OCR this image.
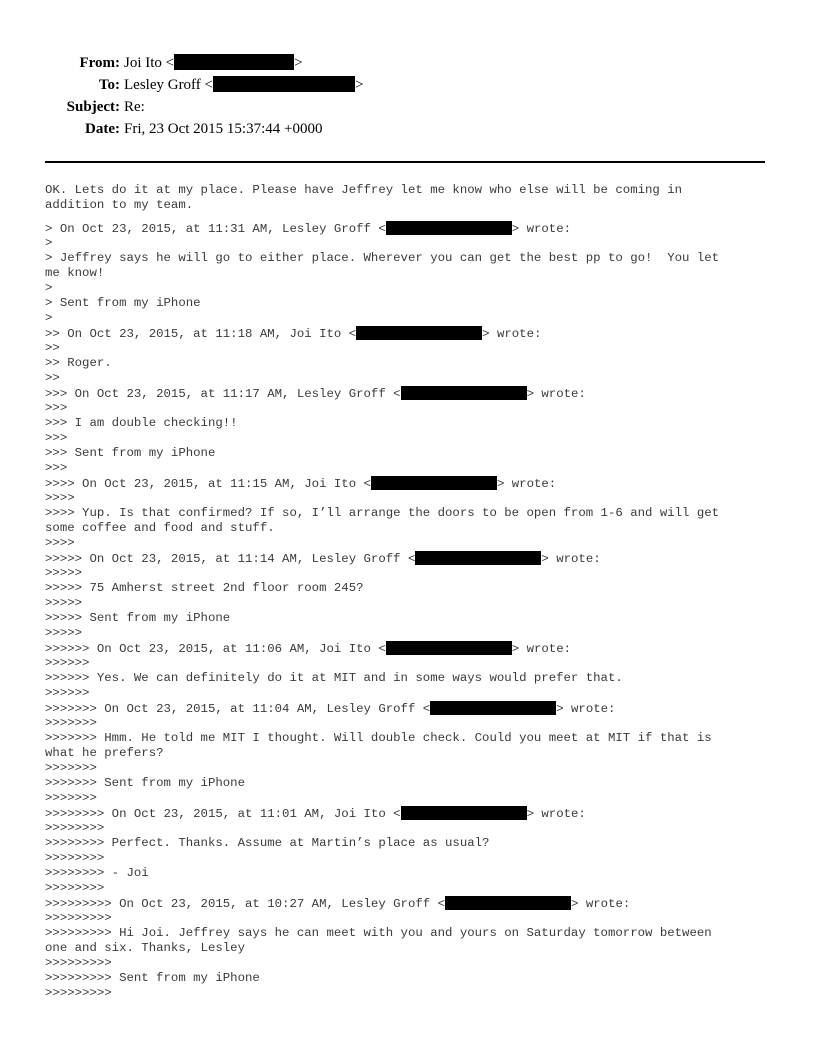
From: Joi Ito <	>
To: Lesley Groff <	>
Subject: Re:
Date: Fri, 23 Oct 2015 15:37:44 +0000
OK. Lets do it at my place. Please have Jeffrey let me know who else will be coming in
addition to my team.
> On Oct 23, 2015, at 11:31 AM, Lesley Groff <	> wrote:
>
> Jeffrey says he will go to either place. Wherever you can get the best pp to go!  You let
me know!
>
> Sent from my iPhone
>
>> On Oct 23, 2015, at 11:18 AM, Joi Ito <	> wrote:
>>
>> Roger.
>>
>>> On Oct 23, 2015, at 11:17 AM, Lesley Groff <	> wrote:
>>>
>>> I am double checking!!
>>>
>>> Sent from my iPhone
>>>
>>>> On Oct 23, 2015, at 11:15 AM, Joi Ito <	> wrote:
>>>>
>>>> Yup. Is that confirmed? If so, I’ll arrange the doors to be open from 1-6 and will get
some coffee and food and stuff.
>>>>
>>>>> On Oct 23, 2015, at 11:14 AM, Lesley Groff <	> wrote:
>>>>>
>>>>> 75 Amherst street 2nd floor room 245?
>>>>>
>>>>> Sent from my iPhone
>>>>>
>>>>>> On Oct 23, 2015, at 11:06 AM, Joi Ito <	> wrote:
>>>>>>
>>>>>> Yes. We can definitely do it at MIT and in some ways would prefer that.
>>>>>>
>>>>>>> On Oct 23, 2015, at 11:04 AM, Lesley Groff <	> wrote:
>>>>>>>
>>>>>>> Hmm. He told me MIT I thought. Will double check. Could you meet at MIT if that is
what he prefers?
>>>>>>>
>>>>>>> Sent from my iPhone
>>>>>>>
>>>>>>>> On Oct 23, 2015, at 11:01 AM, Joi Ito <	> wrote:
>>>>>>>>
>>>>>>>> Perfect. Thanks. Assume at Martin’s place as usual?
>>>>>>>>
>>>>>>>> - Joi
>>>>>>>>
>>>>>>>>> On Oct 23, 2015, at 10:27 AM, Lesley Groff <	> wrote:
>>>>>>>>>
>>>>>>>>> Hi Joi. Jeffrey says he can meet with you and yours on Saturday tomorrow between
one and six. Thanks, Lesley
>>>>>>>>>
>>>>>>>>> Sent from my iPhone
>>>>>>>>>
